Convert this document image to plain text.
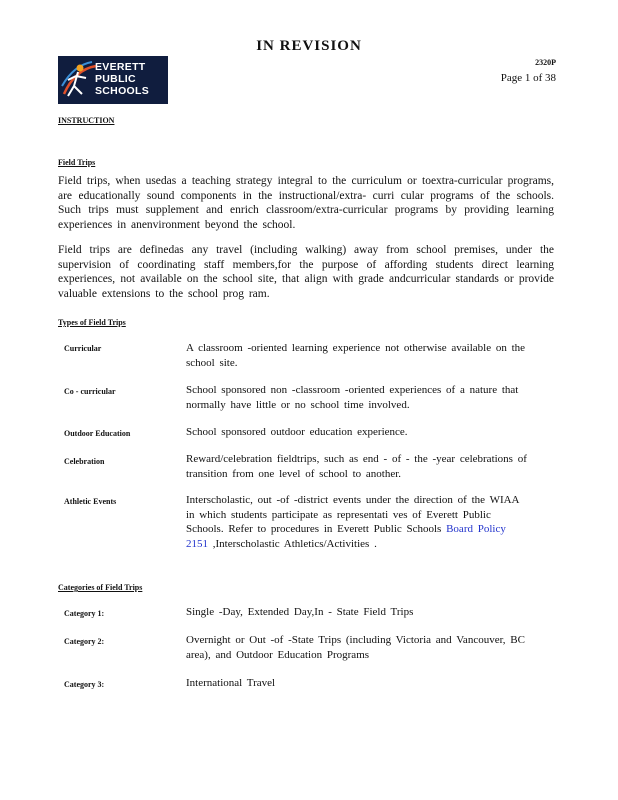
IN REVISION
EVERETT
PUBLIC
SCHOOLS
2320P
Page 1 of 38
INSTRUCTION
Field Trips
Field trips, when usedas a teaching strategy integral to the curriculum or toextra-curricular programs, are educationally sound components in the instructional/extra- curri cular programs of the schools. Such trips must supplement and enrich classroom/extra-curricular programs by providing learning experiences in anenvironment beyond the school.
Field trips are definedas any travel (including walking) away from school premises, under the supervision of coordinating staff members,for the purpose of affording students direct learning experiences, not available on the school site, that align with grade andcurricular standards or provide valuable extensions to the school prog ram.
Types of Field Trips
Curricular	A classroom -oriented learning experience not otherwise available on the school site.
Co - curricular	School sponsored non -classroom -oriented experiences of a nature that normally have little or no school time involved.
Outdoor Education	School sponsored outdoor education experience.
Celebration	Reward/celebration fieldtrips, such as end - of - the -year celebrations of transition from one level of school to another.
Athletic Events	Interscholastic, out -of -district events under the direction of the WIAA in which students participate as representati ves of Everett Public Schools. Refer to procedures in Everett Public Schools Board Policy 2151 ,Interscholastic Athletics/Activities .
Categories of Field Trips
Category 1:	Single -Day, Extended Day,In - State Field Trips
Category 2:	Overnight or Out -of -State Trips (including Victoria and Vancouver, BC area), and Outdoor Education Programs
Category 3:	International Travel
